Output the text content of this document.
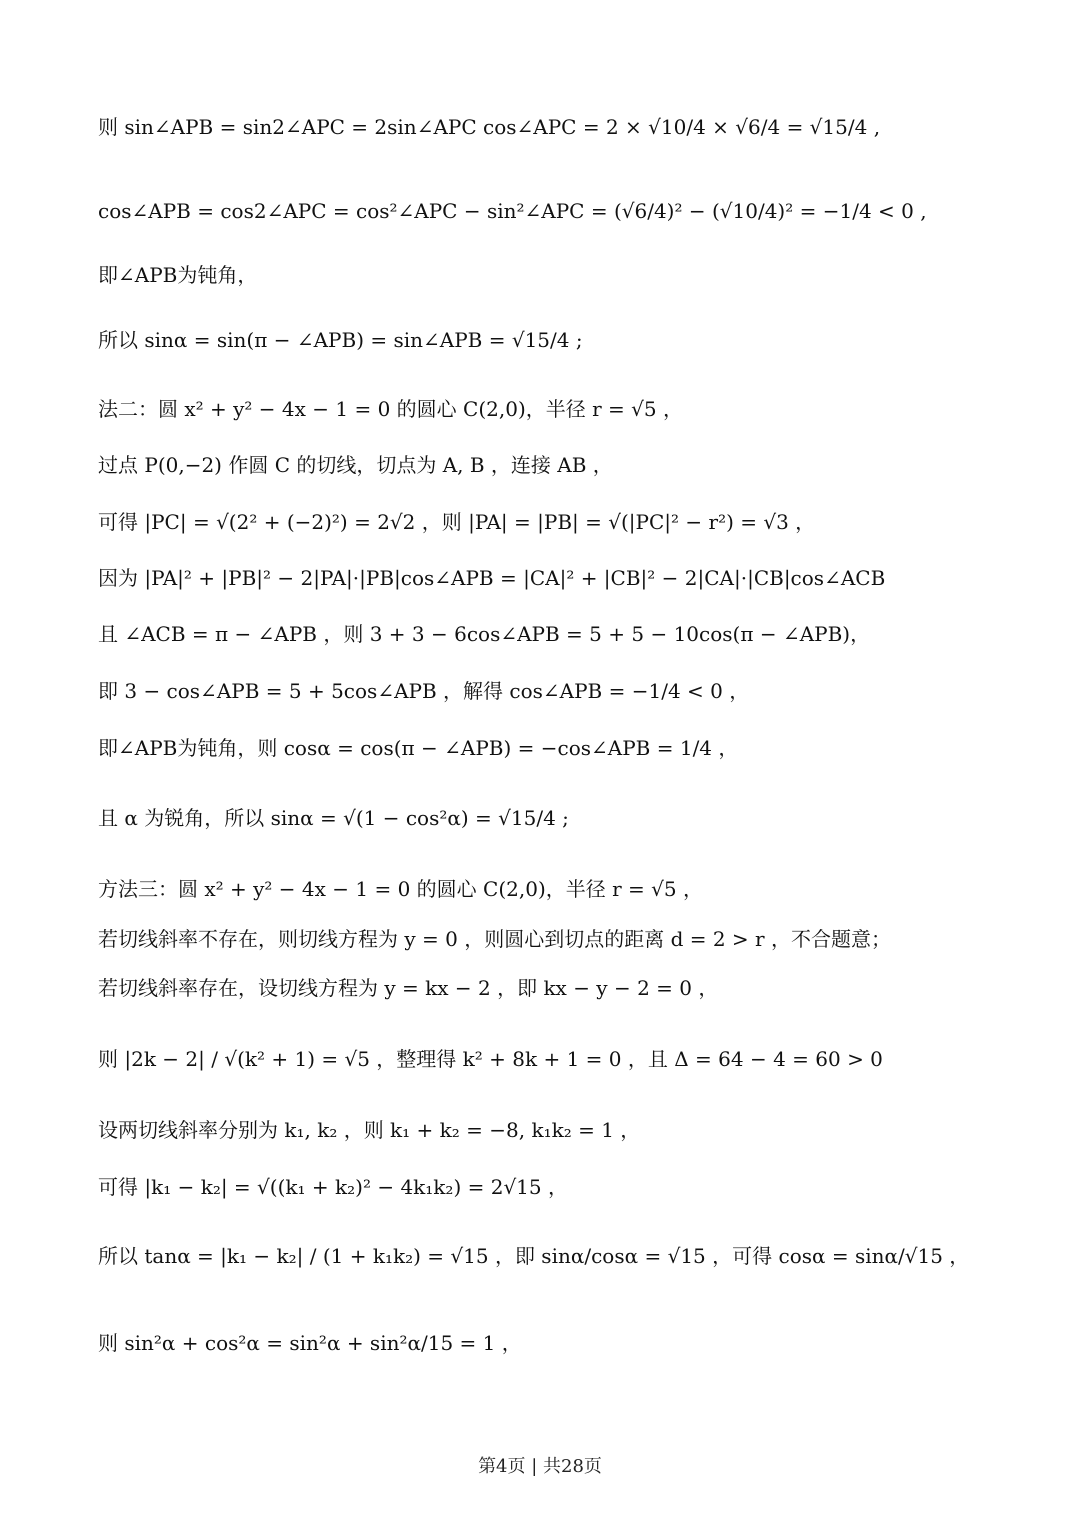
则 sin∠APB = sin2∠APC = 2sin∠APC cos∠APC = 2 × √10/4 × √6/4 = √15/4 ,
cos∠APB = cos2∠APC = cos²∠APC − sin²∠APC = (√6/4)² − (√10/4)² = −1/4 < 0 ,
即∠APB为钝角，
所以 sinα = sin(π − ∠APB) = sin∠APB = √15/4 ;
法二：圆 x² + y² − 4x − 1 = 0 的圆心 C(2,0)，半径 r = √5 ，
过点 P(0,−2) 作圆 C 的切线，切点为 A, B ，连接 AB ，
可得 |PC| = √(2² + (−2)²) = 2√2 ，则 |PA| = |PB| = √(|PC|² − r²) = √3 ，
因为 |PA|² + |PB|² − 2|PA|·|PB|cos∠APB = |CA|² + |CB|² − 2|CA|·|CB|cos∠ACB
且 ∠ACB = π − ∠APB ，则 3 + 3 − 6cos∠APB = 5 + 5 − 10cos(π − ∠APB)，
即 3 − cos∠APB = 5 + 5cos∠APB ，解得 cos∠APB = −1/4 < 0 ，
即∠APB为钝角，则 cosα = cos(π − ∠APB) = −cos∠APB = 1/4 ，
且 α 为锐角，所以 sinα = √(1 − cos²α) = √15/4 ;
方法三：圆 x² + y² − 4x − 1 = 0 的圆心 C(2,0)，半径 r = √5 ，
若切线斜率不存在，则切线方程为 y = 0 ，则圆心到切点的距离 d = 2 > r ，不合题意；
若切线斜率存在，设切线方程为 y = kx − 2 ，即 kx − y − 2 = 0 ，
则 |2k − 2| / √(k² + 1) = √5 ，整理得 k² + 8k + 1 = 0 ，且 Δ = 64 − 4 = 60 > 0
设两切线斜率分别为 k₁, k₂ ，则 k₁ + k₂ = −8, k₁k₂ = 1 ，
可得 |k₁ − k₂| = √((k₁ + k₂)² − 4k₁k₂) = 2√15 ，
所以 tanα = |k₁ − k₂| / (1 + k₁k₂) = √15 ，即 sinα/cosα = √15 ，可得 cosα = sinα/√15 ，
则 sin²α + cos²α = sin²α + sin²α/15 = 1 ，
第4页 | 共28页
